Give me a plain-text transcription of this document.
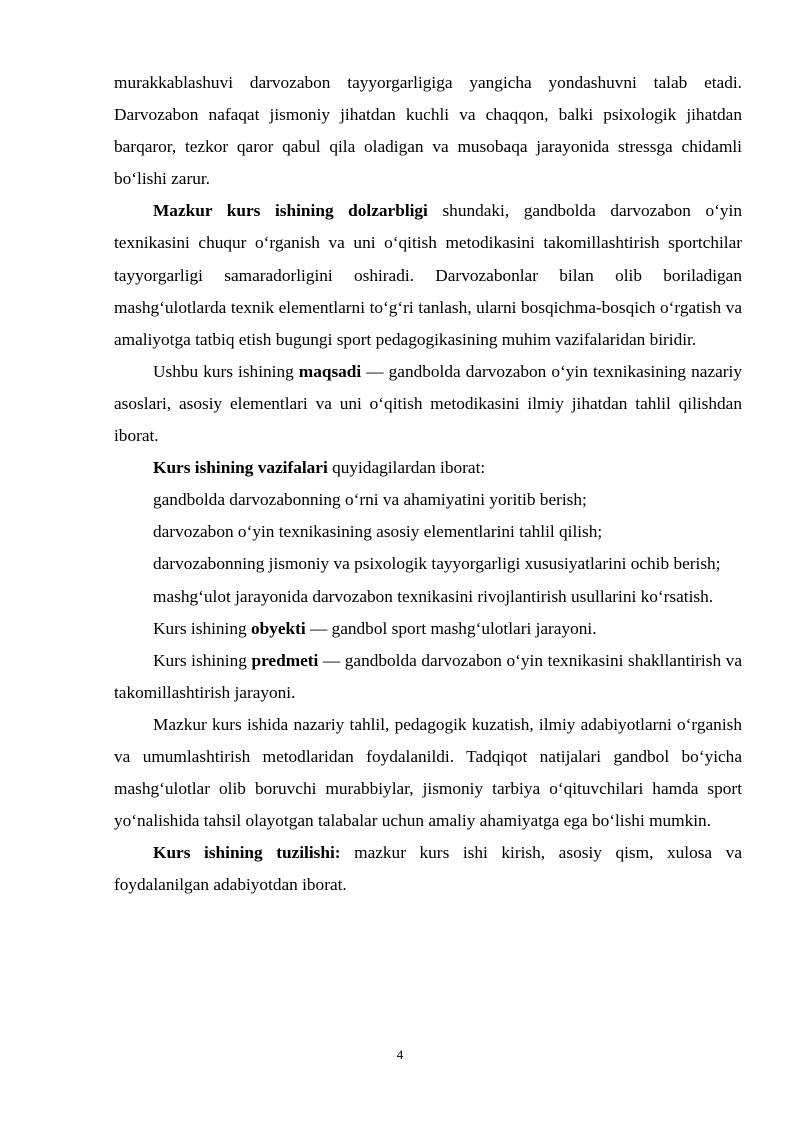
murakkablashuvi darvozabon tayyorgarligiga yangicha yondashuvni talab etadi. Darvozabon nafaqat jismoniy jihatdan kuchli va chaqqon, balki psixologik jihatdan barqaror, tezkor qaror qabul qila oladigan va musobaqa jarayonida stressga chidamli bo‘lishi zarur.

Mazkur kurs ishining dolzarbligi shundaki, gandbolda darvozabon o‘yin texnikasini chuqur o‘rganish va uni o‘qitish metodikasini takomillashtirish sportchilar tayyorgarligi samaradorligini oshiradi. Darvozabonlar bilan olib boriladigan mashg‘ulotlarda texnik elementlarni to‘g‘ri tanlash, ularni bosqichma-bosqich o‘rgatish va amaliyotga tatbiq etish bugungi sport pedagogikasining muhim vazifalaridan biridir.

Ushbu kurs ishining maqsadi — gandbolda darvozabon o‘yin texnikasining nazariy asoslari, asosiy elementlari va uni o‘qitish metodikasini ilmiy jihatdan tahlil qilishdan iborat.

Kurs ishining vazifalari quyidagilardan iborat:

gandbolda darvozabonning o‘rni va ahamiyatini yoritib berish;

darvozabon o‘yin texnikasining asosiy elementlarini tahlil qilish;

darvozabonning jismoniy va psixologik tayyorgarligi xususiyatlarini ochib berish;

mashg‘ulot jarayonida darvozabon texnikasini rivojlantirish usullarini ko‘rsatish.

Kurs ishining obyekti — gandbol sport mashg‘ulotlari jarayoni.

Kurs ishining predmeti — gandbolda darvozabon o‘yin texnikasini shakllantirish va takomillashtirish jarayoni.

Mazkur kurs ishida nazariy tahlil, pedagogik kuzatish, ilmiy adabiyotlarni o‘rganish va umumlashtirish metodlaridan foydalanildi. Tadqiqot natijalari gandbol bo‘yicha mashg‘ulotlar olib boruvchi murabbiylar, jismoniy tarbiya o‘qituvchilari hamda sport yo‘nalishida tahsil olayotgan talabalar uchun amaliy ahamiyatga ega bo‘lishi mumkin.

Kurs ishining tuzilishi: mazkur kurs ishi kirish, asosiy qism, xulosa va foydalanilgan adabiyotdan iborat.

4
